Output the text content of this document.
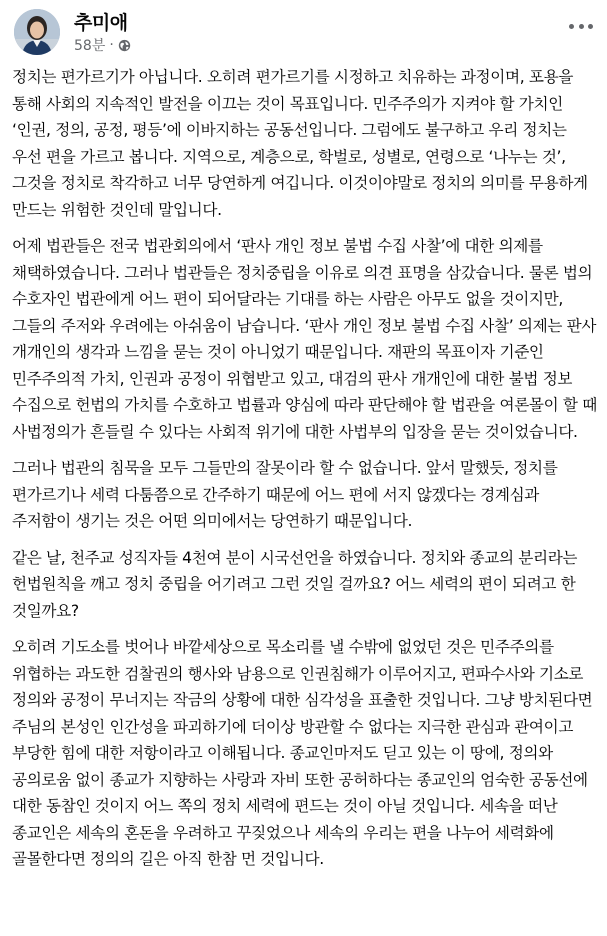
추미애
58분 ·

정치는 편가르기가 아닙니다. 오히려 편가르기를 시정하고 치유하는 과정이며, 포용을 통해 사회의 지속적인 발전을 이끄는 것이 목표입니다. 민주주의가 지켜야 할 가치인 ‘인권, 정의, 공정, 평등’에 이바지하는 공동선입니다. 그럼에도 불구하고 우리 정치는 우선 편을 가르고 봅니다. 지역으로, 계층으로, 학벌로, 성별로, 연령으로 ‘나누는 것’, 그것을 정치로 착각하고 너무 당연하게 여깁니다. 이것이야말로 정치의 의미를 무용하게 만드는 위험한 것인데 말입니다.

어제 법관들은 전국 법관회의에서 ‘판사 개인 정보 불법 수집 사찰’에 대한 의제를 채택하였습니다. 그러나 법관들은 정치중립을 이유로 의견 표명을 삼갔습니다. 물론 법의 수호자인 법관에게 어느 편이 되어달라는 기대를 하는 사람은 아무도 없을 것이지만, 그들의 주저와 우려에는 아쉬움이 남습니다. ‘판사 개인 정보 불법 수집 사찰’ 의제는 판사 개개인의 생각과 느낌을 묻는 것이 아니었기 때문입니다. 재판의 목표이자 기준인 민주주의적 가치, 인권과 공정이 위협받고 있고, 대검의 판사 개개인에 대한 불법 정보 수집으로 헌법의 가치를 수호하고 법률과 양심에 따라 판단해야 할 법관을 여론몰이 할 때 사법정의가 흔들릴 수 있다는 사회적 위기에 대한 사법부의 입장을 묻는 것이었습니다.

그러나 법관의 침묵을 모두 그들만의 잘못이라 할 수 없습니다. 앞서 말했듯, 정치를 편가르기나 세력 다툼쯤으로 간주하기 때문에 어느 편에 서지 않겠다는 경계심과 주저함이 생기는 것은 어떤 의미에서는 당연하기 때문입니다.

같은 날, 천주교 성직자들 4천여 분이 시국선언을 하였습니다. 정치와 종교의 분리라는 헌법원칙을 깨고 정치 중립을 어기려고 그런 것일 걸까요? 어느 세력의 편이 되려고 한 것일까요?

오히려 기도소를 벗어나 바깥세상으로 목소리를 낼 수밖에 없었던 것은 민주주의를 위협하는 과도한 검찰권의 행사와 남용으로 인권침해가 이루어지고, 편파수사와 기소로 정의와 공정이 무너지는 작금의 상황에 대한 심각성을 표출한 것입니다. 그냥 방치된다면 주님의 본성인 인간성을 파괴하기에 더이상 방관할 수 없다는 지극한 관심과 관여이고 부당한 힘에 대한 저항이라고 이해됩니다. 종교인마저도 딛고 있는 이 땅에, 정의와 공의로움 없이 종교가 지향하는 사랑과 자비 또한 공허하다는 종교인의 엄숙한 공동선에 대한 동참인 것이지 어느 쪽의 정치 세력에 편드는 것이 아닐 것입니다. 세속을 떠난 종교인은 세속의 혼돈을 우려하고 꾸짖었으나 세속의 우리는 편을 나누어 세력화에 골몰한다면 정의의 길은 아직 한참 먼 것입니다.
